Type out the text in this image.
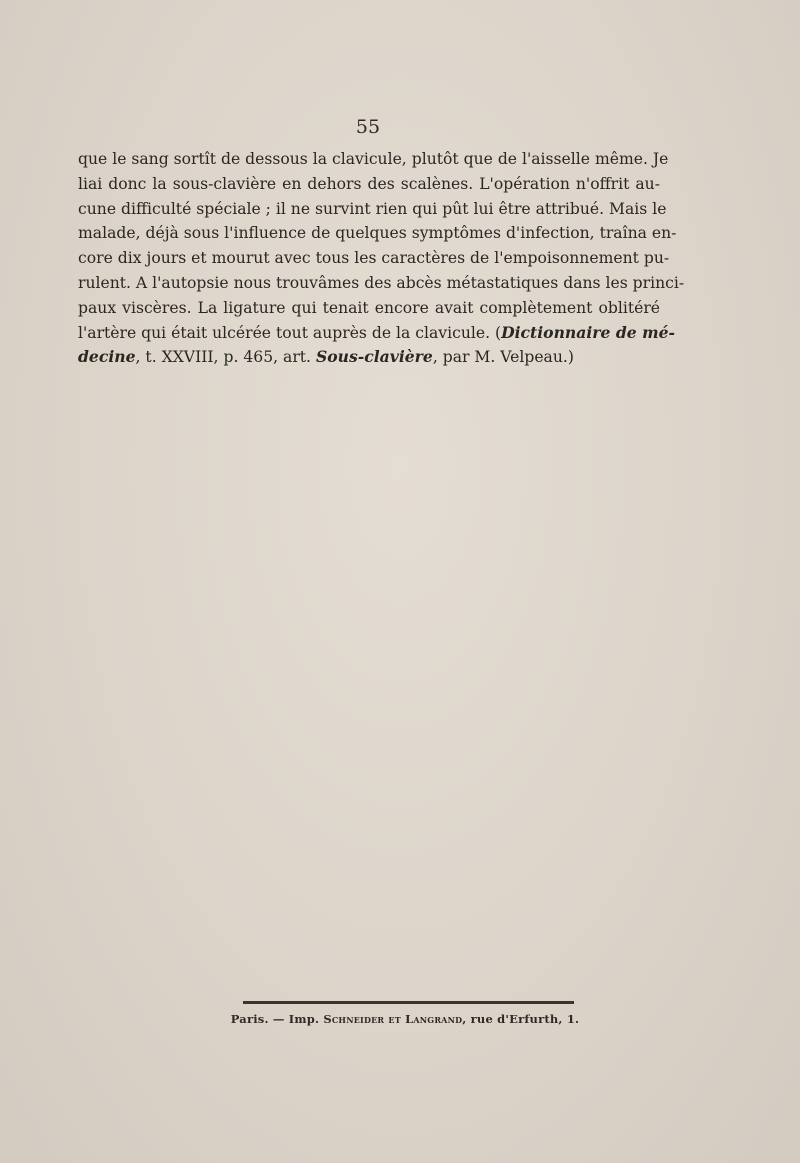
55
que le sang sortît de dessous la clavicule, plutôt que de l'aisselle même. Je
liai donc la sous-clavière en dehors des scalènes. L'opération n'offrit au-
cune difficulté spéciale ; il ne survint rien qui pût lui être attribué. Mais le
malade, déjà sous l'influence de quelques symptômes d'infection, traîna en-
core dix jours et mourut avec tous les caractères de l'empoisonnement pu-
rulent. A l'autopsie nous trouvâmes des abcès métastatiques dans les princi-
paux viscères. La ligature qui tenait encore avait complètement oblitéré
l'artère qui était ulcérée tout auprès de la clavicule. (Dictionnaire de mé-
decine, t. XXVIII, p. 465, art. Sous-clavière, par M. Velpeau.)
Paris. — Imp. Schneider et Langrand, rue d'Erfurth, 1.
